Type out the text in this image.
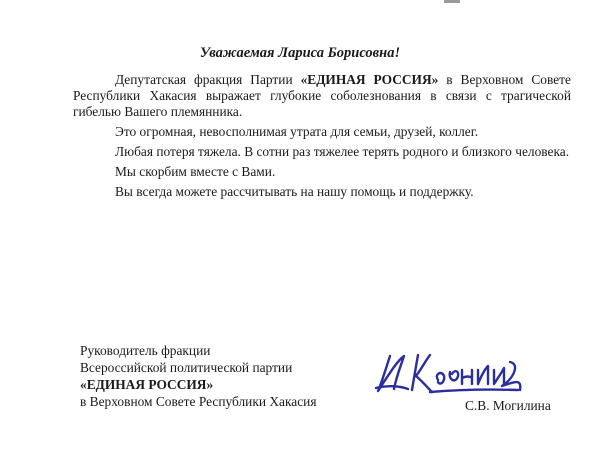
Уважаемая Лариса Борисовна!

Депутатская фракция Партии «ЕДИНАЯ РОССИЯ» в Верховном Совете Республики Хакасия выражает глубокие соболезнования в связи с трагической гибелью Вашего племянника.

Это огромная, невосполнимая утрата для семьи, друзей, коллег.

Любая потеря тяжела. В сотни раз тяжелее терять родного и близкого человека.

Мы скорбим вместе с Вами.

Вы всегда можете рассчитывать на нашу помощь и поддержку.

Руководитель фракции
Всероссийской политической партии
«ЕДИНАЯ РОССИЯ»
в Верховном Совете Республики Хакасия	С.В. Могилина
